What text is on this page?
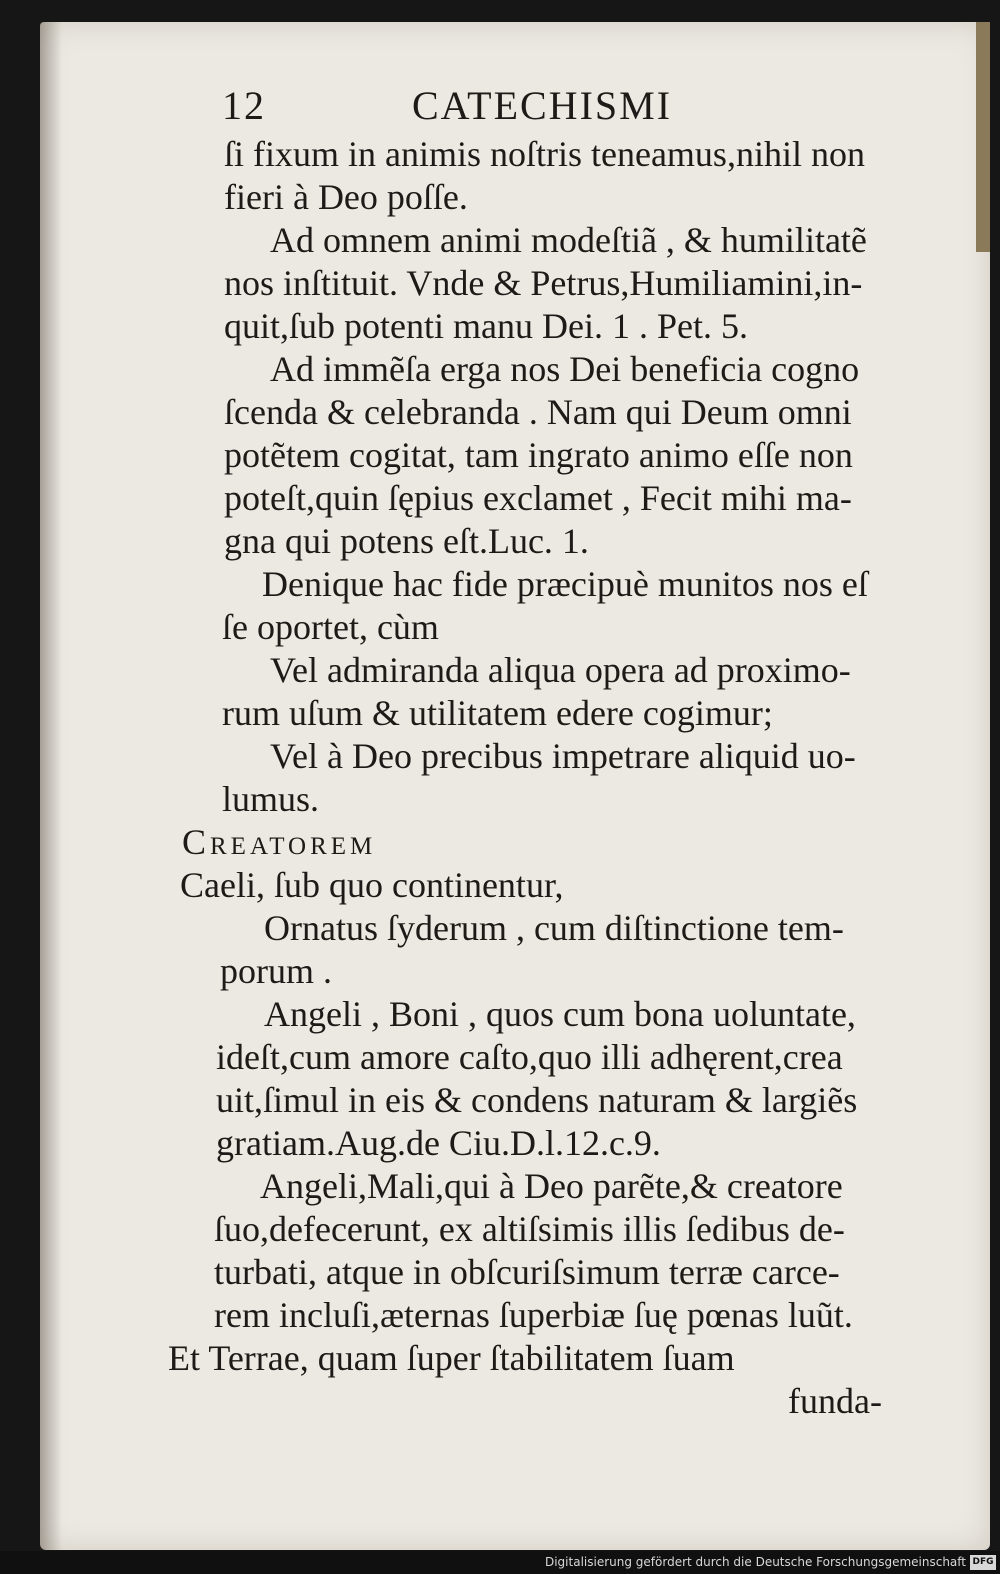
12	CATECHISMI
ſi fixum in animis noſtris teneamus,nihil non
fieri à Deo poſſe.
Ad omnem animi modeſtiã , & humilitatẽ
nos inſtituit. Vnde & Petrus,Humiliamini,in-
quit,ſub potenti manu Dei. 1 . Pet. 5.
Ad immẽſa erga nos Dei beneficia cogno
ſcenda & celebranda . Nam qui Deum omni
potẽtem cogitat, tam ingrato animo eſſe non
poteſt,quin ſępius exclamet , Fecit mihi ma-
gna qui potens eſt.Luc. 1.
Denique hac fide præcipuè munitos nos eſ
ſe oportet, cùm
Vel admiranda aliqua opera ad proximo-
rum uſum & utilitatem edere cogimur;
Vel à Deo precibus impetrare aliquid uo-
lumus.
Creatorem
Caeli, ſub quo continentur,
Ornatus ſyderum , cum diſtinctione tem-
porum .
Angeli , Boni , quos cum bona uoluntate,
ideſt,cum amore caſto,quo illi adhęrent,crea
uit,ſimul in eis & condens naturam & largiẽs
gratiam.Aug.de Ciu.D.l.12.c.9.
Angeli,Mali,qui à Deo parẽte,& creatore
ſuo,defecerunt, ex altiſsimis illis ſedibus de-
turbati, atque in obſcuriſsimum terræ carce-
rem incluſi,æternas ſuperbiæ ſuę pœnas luũt.
Et Terrae, quam ſuper ſtabilitatem ſuam
funda-
Digitalisierung gefördert durch die Deutsche Forschungsgemeinschaft DFG
